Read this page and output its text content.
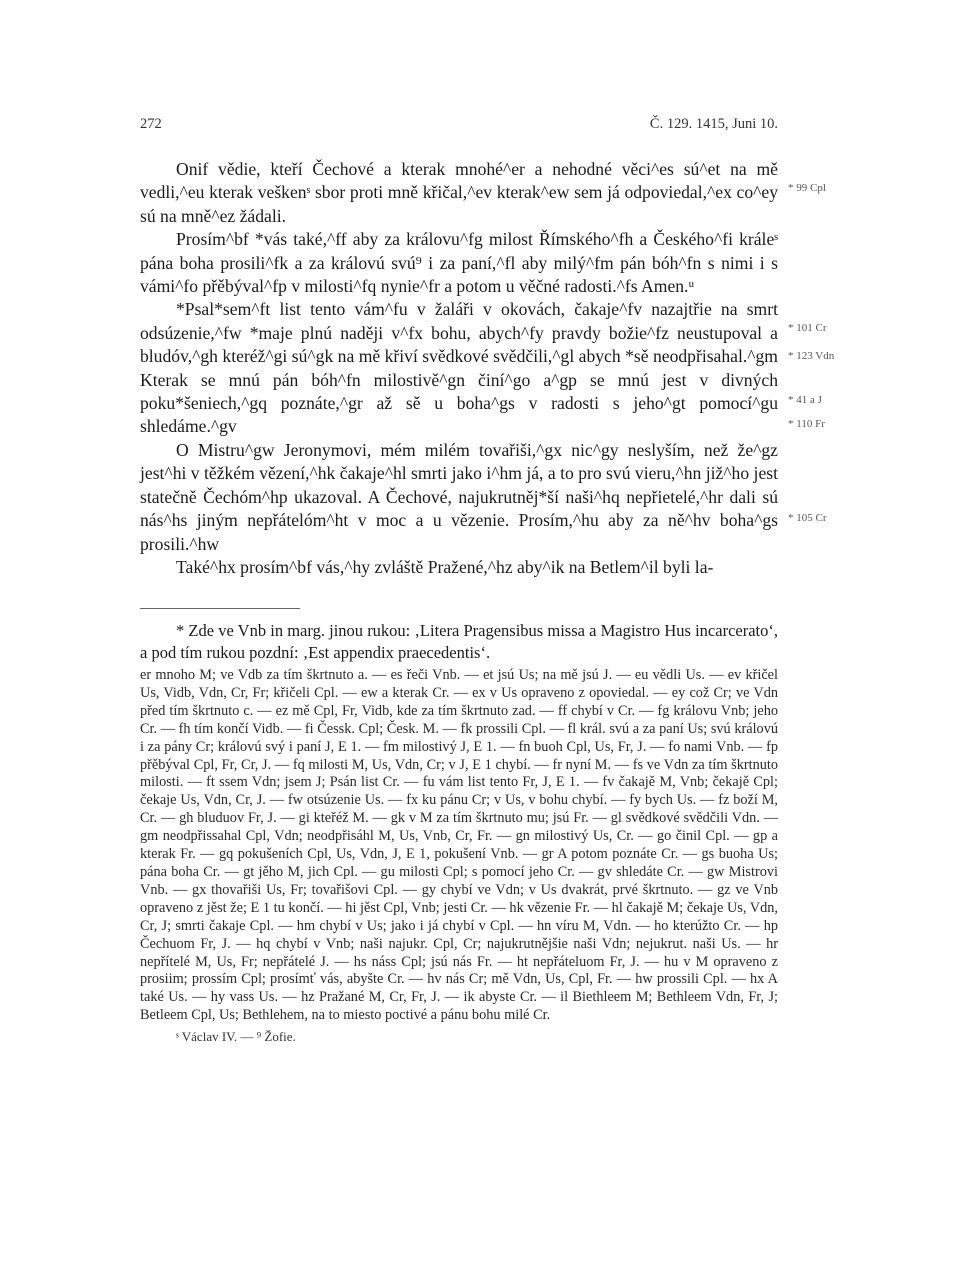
272	Č. 129. 1415, Juni 10.

Onif vědie, kteří Čechové a kterak mnohé^er a nehodné věci^es sú^et na mě vedli,^eu kterak veškenˢ sbor proti mně křičal,^ev kterak^ew sem já odpoviedal,^ex co^ey sú na mně^ez žádali.

Prosím^bf *vás také,^ff aby za královu^fg milost Římského^fh a Českého^fi králeˢ pána boha prosili^fk a za královú svú⁹ i za paní,^fl aby milý^fm pán bóh^fn s nimi i s vámi^fo přěbýval^fp v milosti^fq nynie^fr a potom u věčné radosti.^fs Amen.ᵘ

*Psal*sem^ft list tento vám^fu v žaláři v okovách, čakaje^fv nazajtřie na smrt odsúzenie,^fw *maje plnú naději v^fx bohu, abych^fy pravdy božie^fz neustupoval a bludóv,^gh kteréž^gi sú^gk na mě křiví svědkové svědčili,^gl abych *sě neodpřisahal.^gm Kterak se mnú pán bóh^fn milostivě^gn činí^go a^gp se mnú jest v divných poku*šeniech,^gq poznáte,^gr až sě u boha^gs v radosti s jeho^gt pomocí^gu shledáme.^gv

O Mistru^gw Jeronymovi, mém milém tovařiši,^gx nic^gy neslyším, než že^gz jest^hi v těžkém vězení,^hk čakaje^hl smrti jako i^hm já, a to pro svú vieru,^hn již^ho jest statečně Čechóm^hp ukazoval. A Čechové, najukrutněj*ší naši^hq nepřietelé,^hr dali sú nás^hs jiným nepřátelóm^ht v moc a u vězenie. Prosím,^hu aby za ně^hv boha^gs prosili.^hw

Také^hx prosím^bf vás,^hy zvláště Pražené,^hz aby^ik na Betlem^il byli la-

* 99 Cpl
* 101 Cr
* 123 Vdn
* 41 a J
* 110 Fr
* 105 Cr

* Zde ve Vnb in marg. jinou rukou: ‚Litera Pragensibus missa a Magistro Hus incarcerato‘, a pod tím rukou pozdní: ‚Est appendix praecedentis‘.

er mnoho M; ve Vdb za tím škrtnuto a. — es řeči Vnb. — et jsú Us; na mě jsú J. — eu vědli Us. — ev křičel Us, Vidb, Vdn, Cr, Fr; křičeli Cpl. — ew a kterak Cr. — ex v Us opraveno z opoviedal. — ey což Cr; ve Vdn před tím škrtnuto c. — ez mě Cpl, Fr, Vidb, kde za tím škrtnuto zad. — ff chybí v Cr. — fg královu Vnb; jeho Cr. — fh tím končí Vidb. — fi Čessk. Cpl; Česk. M. — fk prossili Cpl. — fl král. svú a za paní Us; svú královú i za pány Cr; královú svý i paní J, E 1. — fm milostivý J, E 1. — fn buoh Cpl, Us, Fr, J. — fo nami Vnb. — fp přěbýval Cpl, Fr, Cr, J. — fq milosti M, Us, Vdn, Cr; v J, E 1 chybí. — fr nyní M. — fs ve Vdn za tím škrtnuto milosti. — ft ssem Vdn; jsem J; Psán list Cr. — fu vám list tento Fr, J, E 1. — fv čakajě M, Vnb; čekajě Cpl; čekaje Us, Vdn, Cr, J. — fw otsúzenie Us. — fx ku pánu Cr; v Us, v bohu chybí. — fy bych Us. — fz boží M, Cr. — gh bluduov Fr, J. — gi kteřéž M. — gk v M za tím škrtnuto mu; jsú Fr. — gl svědkové svědčili Vdn. — gm neodpřissahal Cpl, Vdn; neodpřisáhl M, Us, Vnb, Cr, Fr. — gn milostivý Us, Cr. — go činil Cpl. — gp a kterak Fr. — gq pokušeních Cpl, Us, Vdn, J, E 1, pokušení Vnb. — gr A potom poznáte Cr. — gs buoha Us; pána boha Cr. — gt jěho M, jich Cpl. — gu milosti Cpl; s pomocí jeho Cr. — gv shledáte Cr. — gw Mistrovi Vnb. — gx thovařiši Us, Fr; tovařišovi Cpl. — gy chybí ve Vdn; v Us dvakrát, prvé škrtnuto. — gz ve Vnb opraveno z jěst že; E 1 tu končí. — hi jěst Cpl, Vnb; jesti Cr. — hk vězenie Fr. — hl čakajě M; čekaje Us, Vdn, Cr, J; smrti čakaje Cpl. — hm chybí v Us; jako i já chybí v Cpl. — hn víru M, Vdn. — ho kterúžto Cr. — hp Čechuom Fr, J. — hq chybí v Vnb; naši najukr. Cpl, Cr; najukrutnějšie naši Vdn; nejukrut. naši Us. — hr nepřítelé M, Us, Fr; nepřátelé J. — hs náss Cpl; jsú nás Fr. — ht nepřáteluom Fr, J. — hu v M opraveno z prosiim; prossím Cpl; prosímť vás, abyšte Cr. — hv nás Cr; mě Vdn, Us, Cpl, Fr. — hw prossili Cpl. — hx A také Us. — hy vass Us. — hz Pražané M, Cr, Fr, J. — ik abyste Cr. — il Biethleem M; Bethleem Vdn, Fr, J; Betleem Cpl, Us; Bethlehem, na to miesto poctivé a pánu bohu milé Cr.

ˢ Václav IV. — ⁹ Žofie.
